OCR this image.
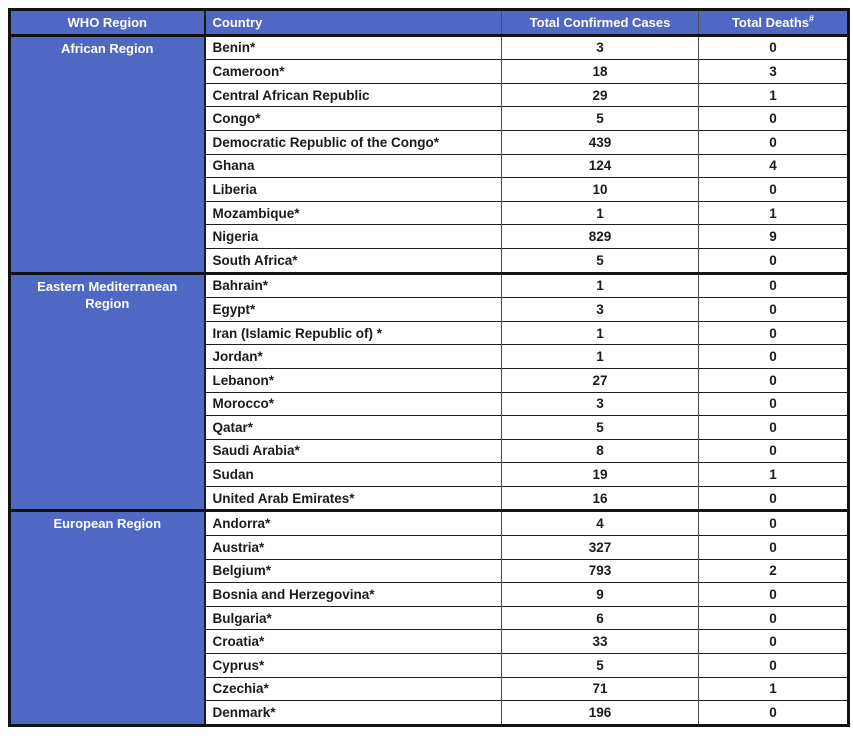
WHO Region	Country	Total Confirmed Cases	Total Deaths#
African Region	Benin*	3	0
	Cameroon*	18	3
	Central African Republic	29	1
	Congo*	5	0
	Democratic Republic of the Congo*	439	0
	Ghana	124	4
	Liberia	10	0
	Mozambique*	1	1
	Nigeria	829	9
	South Africa*	5	0
Eastern Mediterranean Region	Bahrain*	1	0
	Egypt*	3	0
	Iran (Islamic Republic of) *	1	0
	Jordan*	1	0
	Lebanon*	27	0
	Morocco*	3	0
	Qatar*	5	0
	Saudi Arabia*	8	0
	Sudan	19	1
	United Arab Emirates*	16	0
European Region	Andorra*	4	0
	Austria*	327	0
	Belgium*	793	2
	Bosnia and Herzegovina*	9	0
	Bulgaria*	6	0
	Croatia*	33	0
	Cyprus*	5	0
	Czechia*	71	1
	Denmark*	196	0
